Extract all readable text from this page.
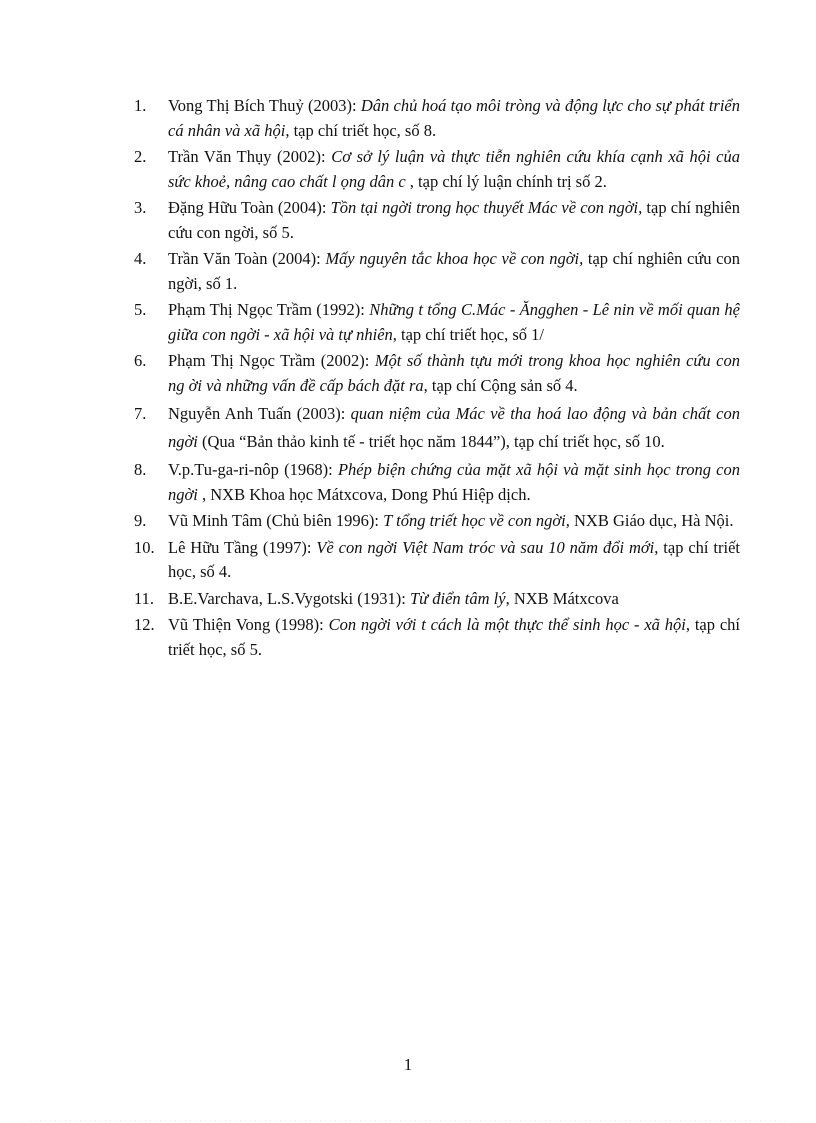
1.	Vong Thị Bích Thuỷ (2003): Dân chủ hoá tạo môi tròng và động lực cho sự phát triển cá nhân và xã hội, tạp chí triết học, số 8.
2.	Trần Văn Thụy (2002): Cơ sở lý luận và thực tiễn nghiên cứu khía cạnh xã hội của sức khoẻ, nâng cao chất l ọng dân c , tạp chí lý luận chính trị số 2.
3.	Đặng Hữu Toàn (2004): Tồn tại ngời trong học thuyết Mác về con ngời, tạp chí nghiên cứu con ngời, số 5.
4.	Trần Văn Toàn (2004): Mấy nguyên tắc khoa học về con ngời, tạp chí nghiên cứu con ngời, số 1.
5.	Phạm Thị Ngọc Trầm (1992): Những t tổng C.Mác - Ăngghen - Lê nin về mối quan hệ giữa con ngời - xã hội và tự nhiên, tạp chí triết học, số 1/
6.	Phạm Thị Ngọc Trầm (2002): Một số thành tựu mới trong khoa học nghiên cứu con ng ời và những vấn đề cấp bách đặt ra, tạp chí Cộng sản số 4.
7.	Nguyễn Anh Tuấn (2003): quan niệm của Mác về tha hoá lao động và bản chất con ngời (Qua “Bản thảo kinh tế - triết học năm 1844”), tạp chí triết học, số 10.
8.	V.p.Tu-ga-ri-nôp (1968): Phép biện chứng của mặt xã hội và mặt sinh học trong con ngời , NXB Khoa học Mátxcova, Dong Phú Hiệp dịch.
9.	Vũ Minh Tâm (Chủ biên 1996): T tổng triết học về con ngời, NXB Giáo dục, Hà Nội.
10. Lê Hữu Tầng (1997): Về con ngời Việt Nam tróc và sau 10 năm đổi mới, tạp chí triết học, số 4.
11. B.E.Varchava, L.S.Vygotski (1931): Từ điển tâm lý, NXB Mátxcova
12. Vũ Thiện Vong (1998): Con ngời với t cách là một thực thể sinh học - xã hội, tạp chí triết học, số 5.
1
